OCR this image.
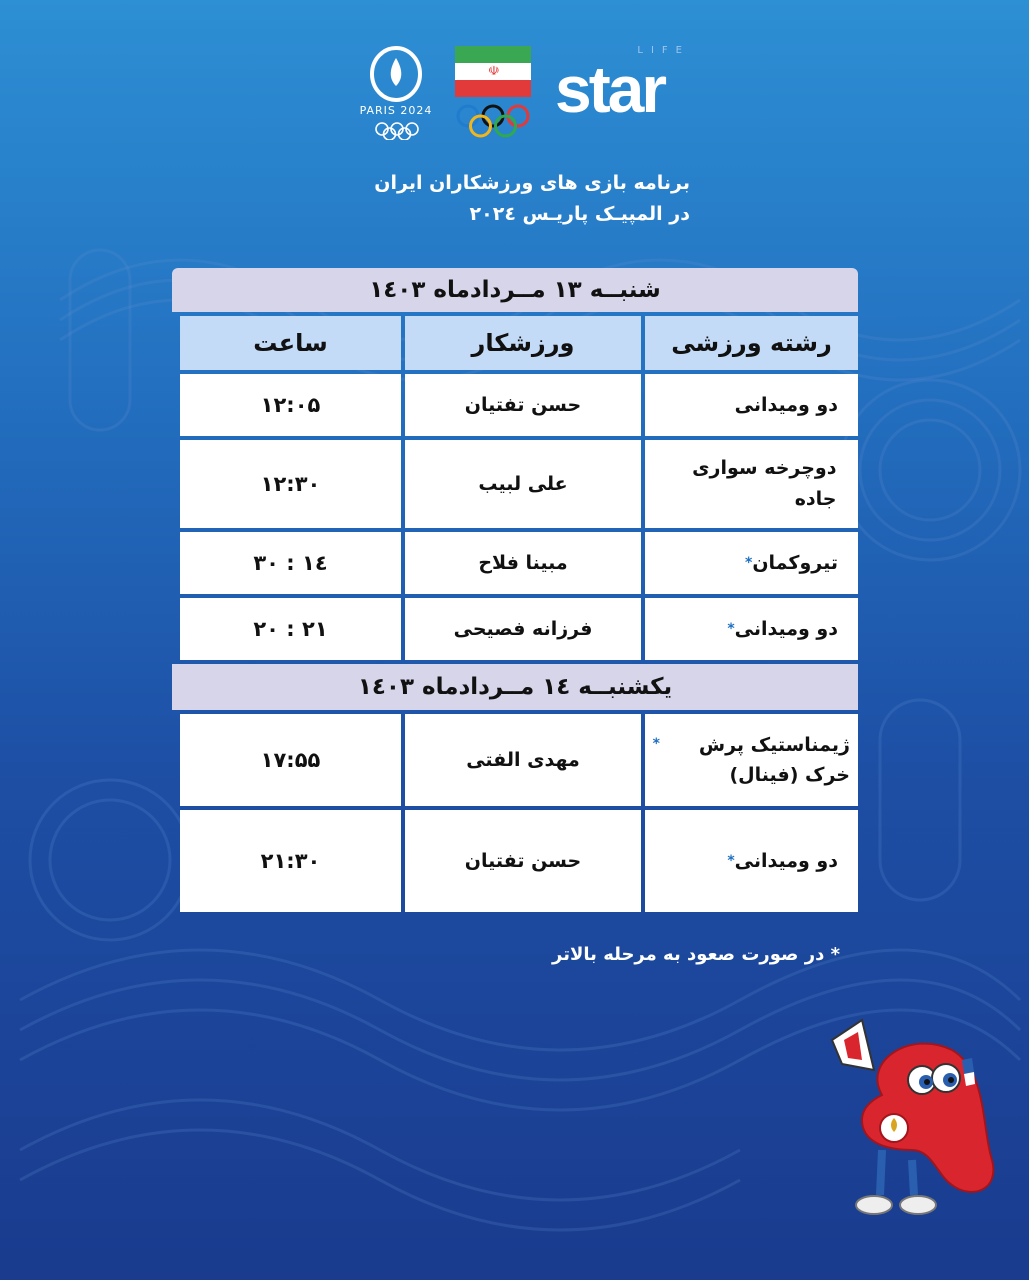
PARIS 2024
☫
LIFE
star
برنامه بازی های ورزشکاران ایران
در المپیـک پاریـس ۲۰۲٤
شنبــه ۱۳ مــردادماه ۱٤۰۳
رشته ورزشی
ورزشکار
ساعت
دو ومیدانی
حسن تفتیان
۱۲:۰۵
دوچرخه سواری جاده
علی لبیب
۱۲:۳۰
تیروکمان
*
مبینا فلاح
۱٤ : ۳۰
دو ومیدانی
*
فرزانه فصیحی
۲۱ : ۲۰
یکشنبــه ۱٤ مــردادماه ۱٤۰۳
ژیمناستیک پرش خرک (فینال)
*
مهدی الفتی
۱۷:۵۵
دو ومیدانی
*
حسن تفتیان
۲۱:۳۰
* در صورت صعود به مرحله بالاتر
